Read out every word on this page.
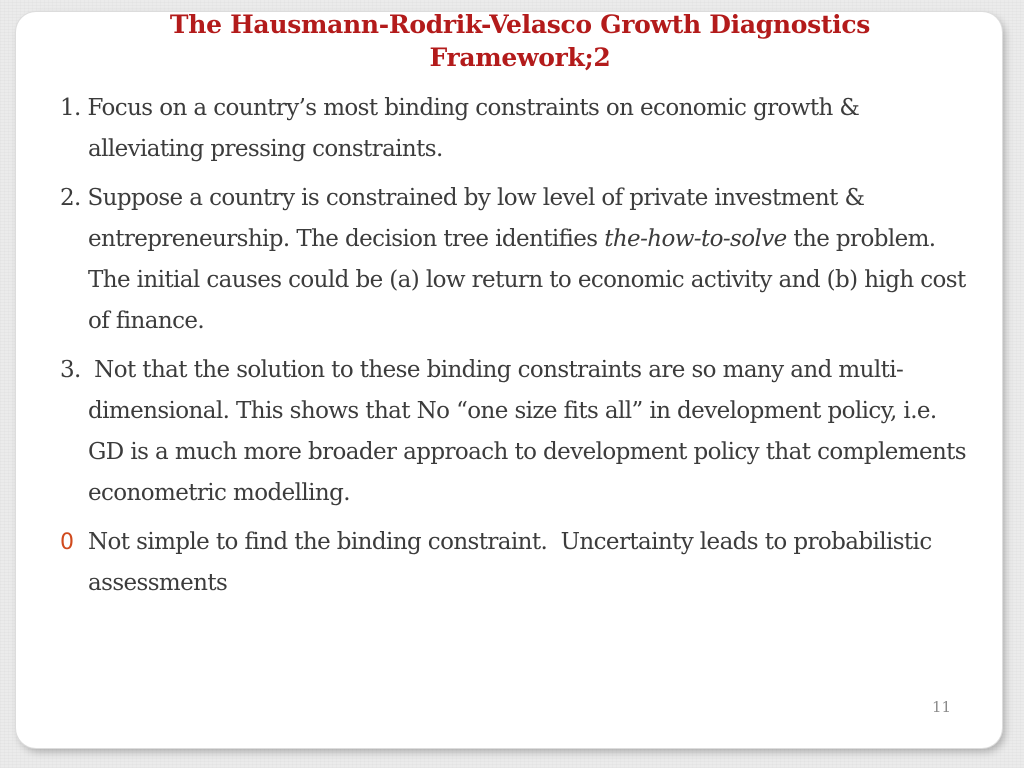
The Hausmann-Rodrik-Velasco Growth Diagnostics
Framework;2
1. Focus on a country’s most binding constraints on economic growth & alleviating pressing constraints.
2. Suppose a country is constrained by low level of private investment & entrepreneurship. The decision tree identifies the-how-to-solve the problem. The initial causes could be (a) low return to economic activity and (b) high cost of finance.
3.  Not that the solution to these binding constraints are so many and multi-dimensional. This shows that No “one size fits all” in development policy, i.e. GD is a much more broader approach to development policy that complements econometric modelling.
0 Not simple to find the binding constraint.  Uncertainty leads to probabilistic assessments
11
